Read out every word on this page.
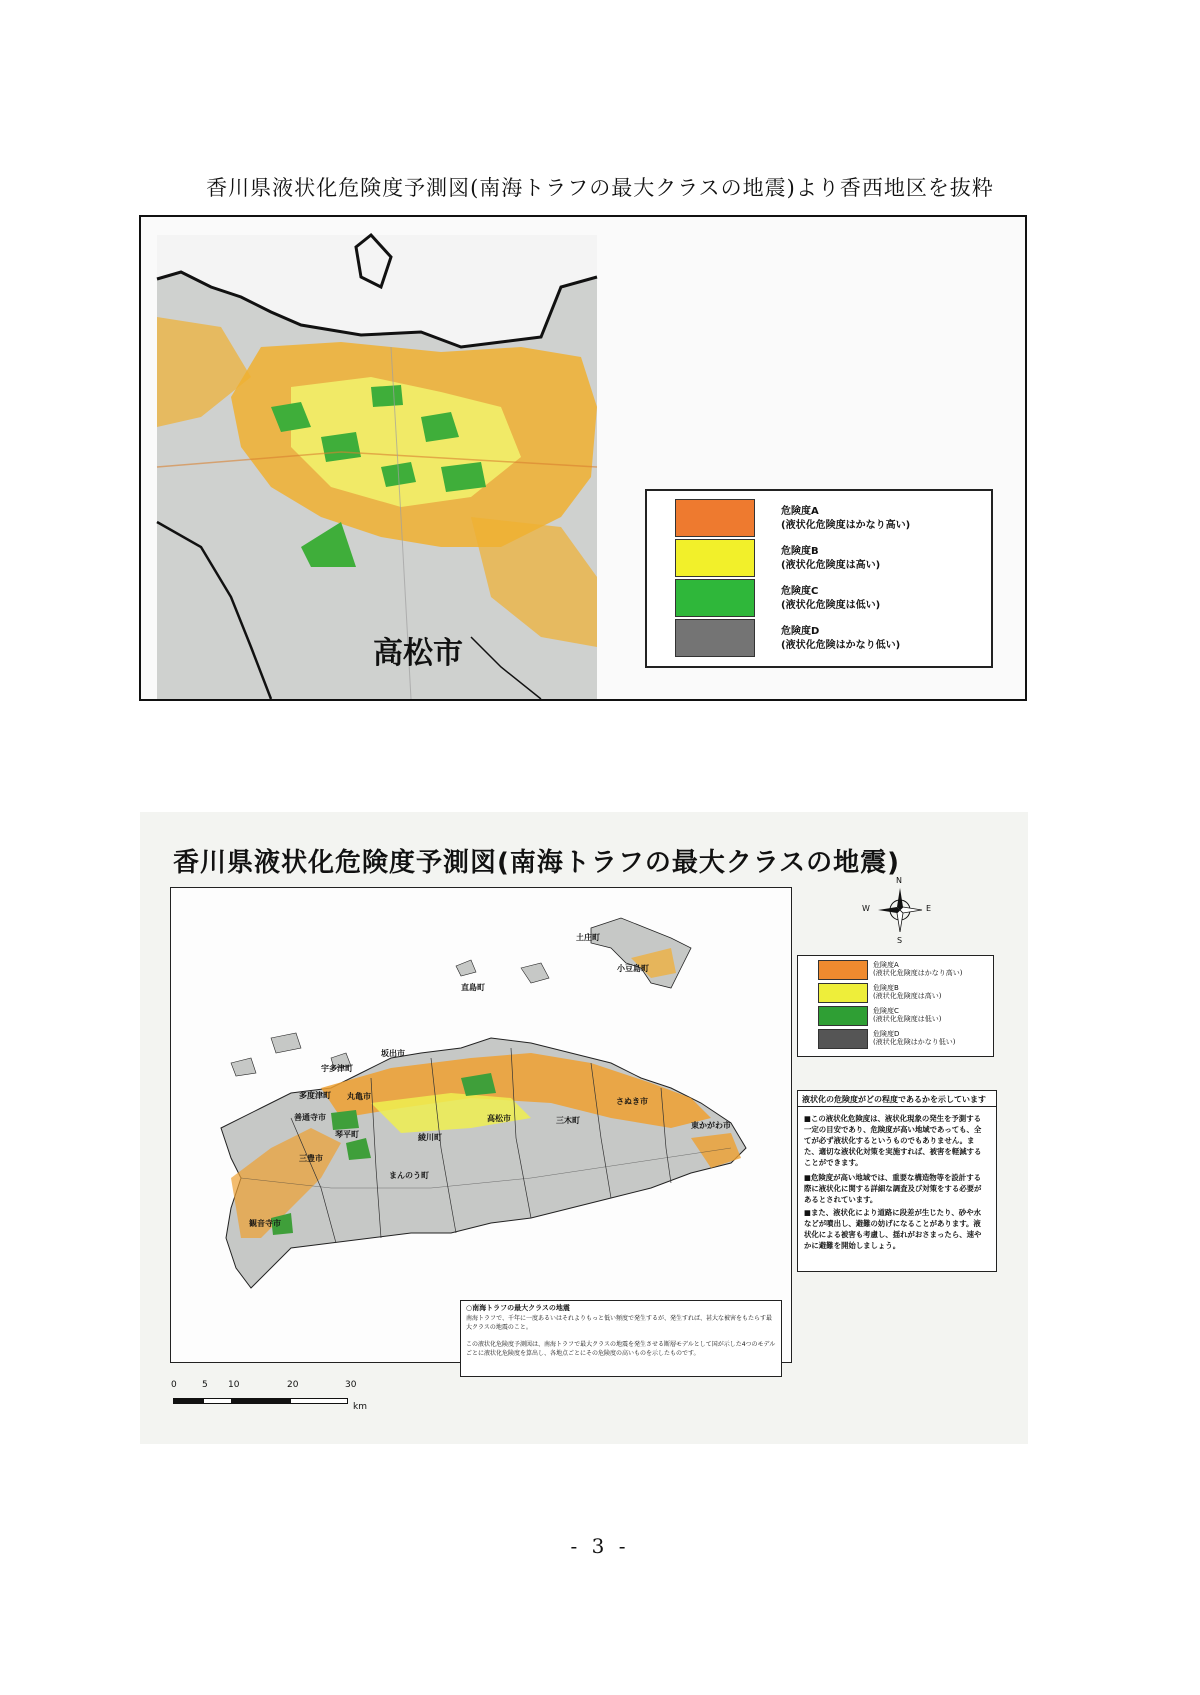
香川県液状化危険度予測図(南海トラフの最大クラスの地震)より香西地区を抜粋
高松市
危険度A
(液状化危険度はかなり高い)
危険度B
(液状化危険度は高い)
危険度C
(液状化危険度は低い)
危険度D
(液状化危険はかなり低い)
香川県液状化危険度予測図(南海トラフの最大クラスの地震)
土庄町
小豆島町
直島町
坂出市
宇多津町
多度津町 丸亀市
善通寺市
琴平町	綾川町
高松市	三木町
さぬき市
東かがわ市
三豊市
まんのう町
観音寺市
N
E
S
W
危険度A
(液状化危険度はかなり高い)
危険度B
(液状化危険度は高い)
危険度C
(液状化危険度は低い)
危険度D
(液状化危険はかなり低い)
液状化の危険度がどの程度であるかを示しています
■この液状化危険度は、液状化現象の発生を予測する一定の目安であり、危険度が高い地域であっても、全てが必ず液状化するというものでもありません。また、適切な液状化対策を実施すれば、被害を軽減することができます。
■危険度が高い地域では、重要な構造物等を設計する際に液状化に関する詳細な調査及び対策をする必要があるとされています。
■また、液状化により道路に段差が生じたり、砂や水などが噴出し、避難の妨げになることがあります。液状化による被害も考慮し、揺れがおさまったら、速やかに避難を開始しましょう。
○南海トラフの最大クラスの地震
南海トラフで、千年に一度あるいはそれよりもっと低い頻度で発生するが、発生すれば、甚大な被害をもたらす最大クラスの地震のこと。
この液状化危険度予測図は、南海トラフで最大クラスの地震を発生させる断層モデルとして国が示した4つのモデルごとに液状化危険度を算出し、各地点ごとにその危険度の高いものを示したものです。
0	5 10	20	30
km
- 3 -
